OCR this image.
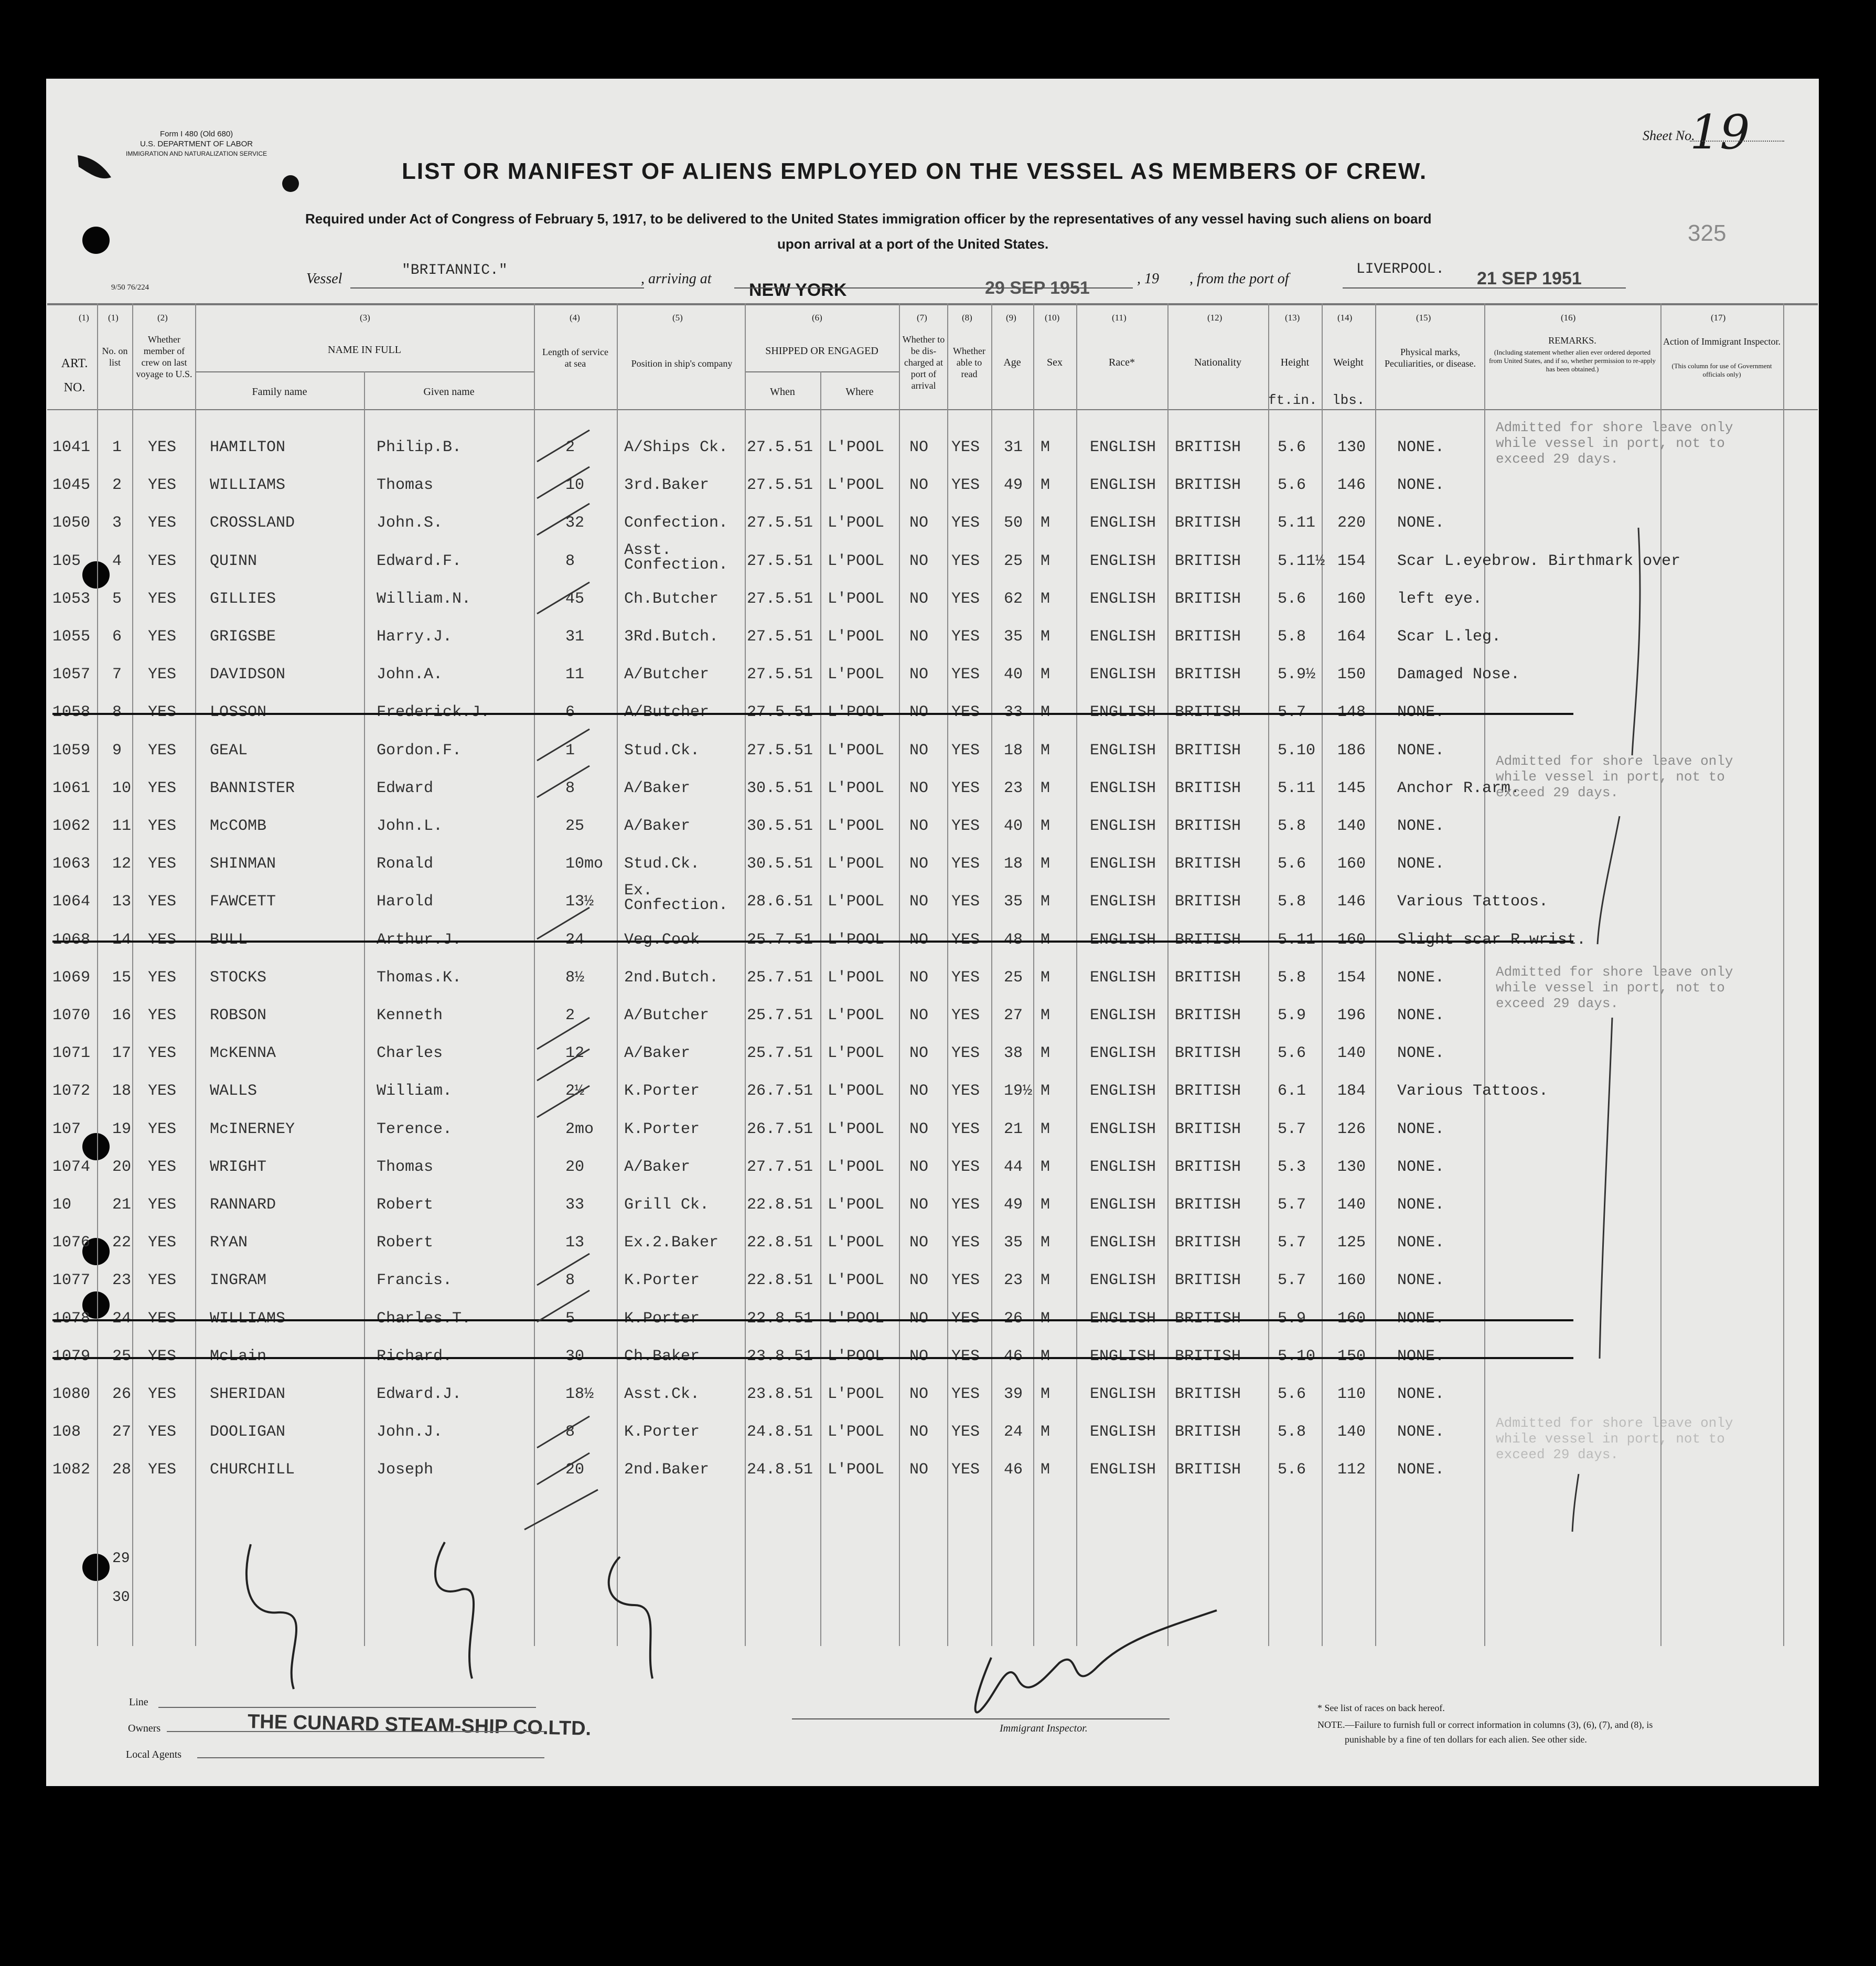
Form I 480 (Old 680)
U.S. DEPARTMENT OF LABOR
IMMIGRATION AND NATURALIZATION SERVICE
9/50 76/224
Sheet No.
19
325
LIST OR MANIFEST OF ALIENS EMPLOYED ON THE VESSEL AS MEMBERS OF CREW.
Required under Act of Congress of February 5, 1917, to be delivered to the United States immigration officer by the representatives of any vessel having such aliens on board
upon arrival at a port of the United States.
Vessel
"BRITANNIC."
, arriving at
NEW YORK	29 SEP 1951	, 19 , from the port of
LIVERPOOL. 21 SEP 1951
(1)
ART. NO.
(1)
No. on list
(2)
Whether member of crew on last voyage to U.S.
(3)
NAME IN FULL
Family name	Given name
(4)
Length of service at sea
(5)
Position in ship's company
(6)
SHIPPED OR ENGAGED
When	Where
(7)
Whether to be dis-charged at port of arrival
(8)
Whether able to read
(9)
Age
(10)
Sex
(11)
Race*
(12)
Nationality
(13)
Height
ft.in.
(14)
Weight
lbs.
(15)
Physical marks, Peculiarities, or disease.
(16)
REMARKS.
(Including statement whether alien ever ordered deported from United States, and if so, whether permission to re-apply has been obtained.)
(17)
Action of Immigrant Inspector.
(This column for use of Government officials only)
1041 1 YES HAMILTON	Philip.B.	2	A/Ships Ck. 27.5.51 L'POOL NO YES 31 M	ENGLISH BRITISH 5.6 130 NONE.
1045 2 YES WILLIAMS	Thomas	10	3rd.Baker 27.5.51 L'POOL NO YES 49 M	ENGLISH BRITISH 5.6 146 NONE.
1050 3 YES CROSSLAND	John.S.	32	Confection. 27.5.51 L'POOL NO YES 50 M	ENGLISH BRITISH 5.11 220 NONE.
105 4 YES QUINN	Edward.F.	8
Asst. Confection.	27.5.51 L'POOL NO YES 25 M	ENGLISH BRITISH 5.11½ 154 Scar L.eyebrow. Birthmark over
1053 5 YES GILLIES	William.N.	45	Ch.Butcher 27.5.51 L'POOL NO YES 62 M	ENGLISH BRITISH 5.6 160 left eye.
1055 6 YES GRIGSBE	Harry.J.	31	3Rd.Butch. 27.5.51 L'POOL NO YES 35 M	ENGLISH BRITISH 5.8 164 Scar L.leg.
1057 7 YES DAVIDSON	John.A.	11	A/Butcher 27.5.51 L'POOL NO YES 40 M	ENGLISH BRITISH 5.9½ 150 Damaged Nose.
1058 8 YES LOSSON	Frederick.J.	6	A/Butcher 27.5.51 L'POOL NO YES 33 M	ENGLISH BRITISH 5.7 148 NONE.
1059 9 YES GEAL	Gordon.F.	1	Stud.Ck.	27.5.51 L'POOL NO YES 18 M	ENGLISH BRITISH 5.10 186 NONE.
1061 10 YES BANNISTER	Edward	8	A/Baker	30.5.51 L'POOL NO YES 23 M	ENGLISH BRITISH 5.11 145 Anchor R.arm.
1062 11 YES McCOMB	John.L.	25	A/Baker	30.5.51 L'POOL NO YES 40 M	ENGLISH BRITISH 5.8 140 NONE.
1063 12 YES SHINMAN	Ronald	10mo Stud.Ck.	30.5.51 L'POOL NO YES 18 M	ENGLISH BRITISH 5.6 160 NONE.
1064 13 YES FAWCETT	Harold	13½
Ex. Confection.	28.6.51 L'POOL NO YES 35 M	ENGLISH BRITISH 5.8 146 Various Tattoos.
1068 14 YES BULL	Arthur.J.	24	Veg.Cook	25.7.51 L'POOL NO YES 48 M	ENGLISH BRITISH 5.11 160 Slight scar R.wrist.
1069 15 YES STOCKS	Thomas.K.	8½	2nd.Butch. 25.7.51 L'POOL NO YES 25 M	ENGLISH BRITISH 5.8 154 NONE.
1070 16 YES ROBSON	Kenneth	2	A/Butcher 25.7.51 L'POOL NO YES 27 M	ENGLISH BRITISH 5.9 196 NONE.
1071 17 YES McKENNA	Charles	12	A/Baker	25.7.51 L'POOL NO YES 38 M	ENGLISH BRITISH 5.6 140 NONE.
1072 18 YES WALLS	William.	2½	K.Porter	26.7.51 L'POOL NO YES 19½ M	ENGLISH BRITISH 6.1 184 Various Tattoos.
107 19 YES McINERNEY	Terence.	2mo K.Porter	26.7.51 L'POOL NO YES 21 M	ENGLISH BRITISH 5.7 126 NONE.
1074 20 YES WRIGHT	Thomas	20	A/Baker	27.7.51 L'POOL NO YES 44 M	ENGLISH BRITISH 5.3 130 NONE.
10	21 YES RANNARD	Robert	33	Grill Ck. 22.8.51 L'POOL NO YES 49 M	ENGLISH BRITISH 5.7 140 NONE.
1076 22 YES RYAN	Robert	13	Ex.2.Baker 22.8.51 L'POOL NO YES 35 M	ENGLISH BRITISH 5.7 125 NONE.
1077 23 YES INGRAM	Francis.	8	K.Porter	22.8.51 L'POOL NO YES 23 M	ENGLISH BRITISH 5.7 160 NONE.
1078 24 YES WILLIAMS	Charles.T.	5	K.Porter	22.8.51 L'POOL NO YES 26 M	ENGLISH BRITISH 5.9 160 NONE.
1079 25 YES McLain	Richard.	30	Ch.Baker	23.8.51 L'POOL NO YES 46 M	ENGLISH BRITISH 5.10 150 NONE.
1080 26 YES SHERIDAN	Edward.J.	18½ Asst.Ck.	23.8.51 L'POOL NO YES 39 M	ENGLISH BRITISH 5.6 110 NONE.
108 27 YES DOOLIGAN	John.J.	8	K.Porter	24.8.51 L'POOL NO YES 24 M	ENGLISH BRITISH 5.8 140 NONE.
1082 28 YES CHURCHILL	Joseph	20	2nd.Baker 24.8.51 L'POOL NO YES 46 M	ENGLISH BRITISH 5.6 112 NONE.
29
30
Admitted for shore leave only while vessel in port, not to exceed 29 days.
Admitted for shore leave only while vessel in port, not to exceed 29 days.
Admitted for shore leave only while vessel in port, not to exceed 29 days.
Admitted for shore leave only while vessel in port, not to exceed 29 days.
Line
Owners	THE CUNARD STEAM-SHIP CO.LTD.
Local Agents
Immigrant Inspector.
* See list of races on back hereof.
NOTE.—Failure to furnish full or correct information in columns (3), (6), (7), and (8), is
punishable by a fine of ten dollars for each alien. See other side.
